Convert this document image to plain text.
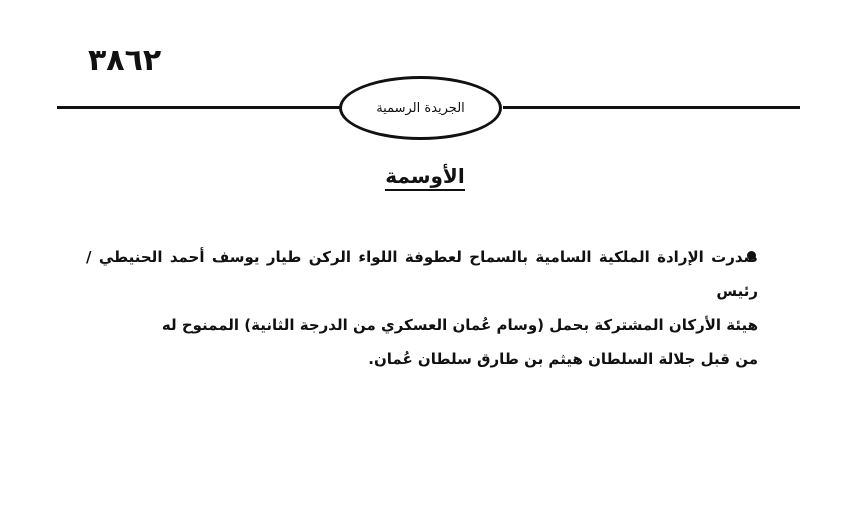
٣٨٦٢
الجريدة الرسمية
الأوسمة
صدرت الإرادة الملكية السامية بالسماح لعطوفة اللواء الركن طيار يوسف أحمد الحنيطي / رئيس
هيئة الأركان المشتركة بحمل (وسام عُمان العسكري من الدرجة الثانية) الممنوح له
من قبل جلالة السلطان هيثم بن طارق سلطان عُمان.
